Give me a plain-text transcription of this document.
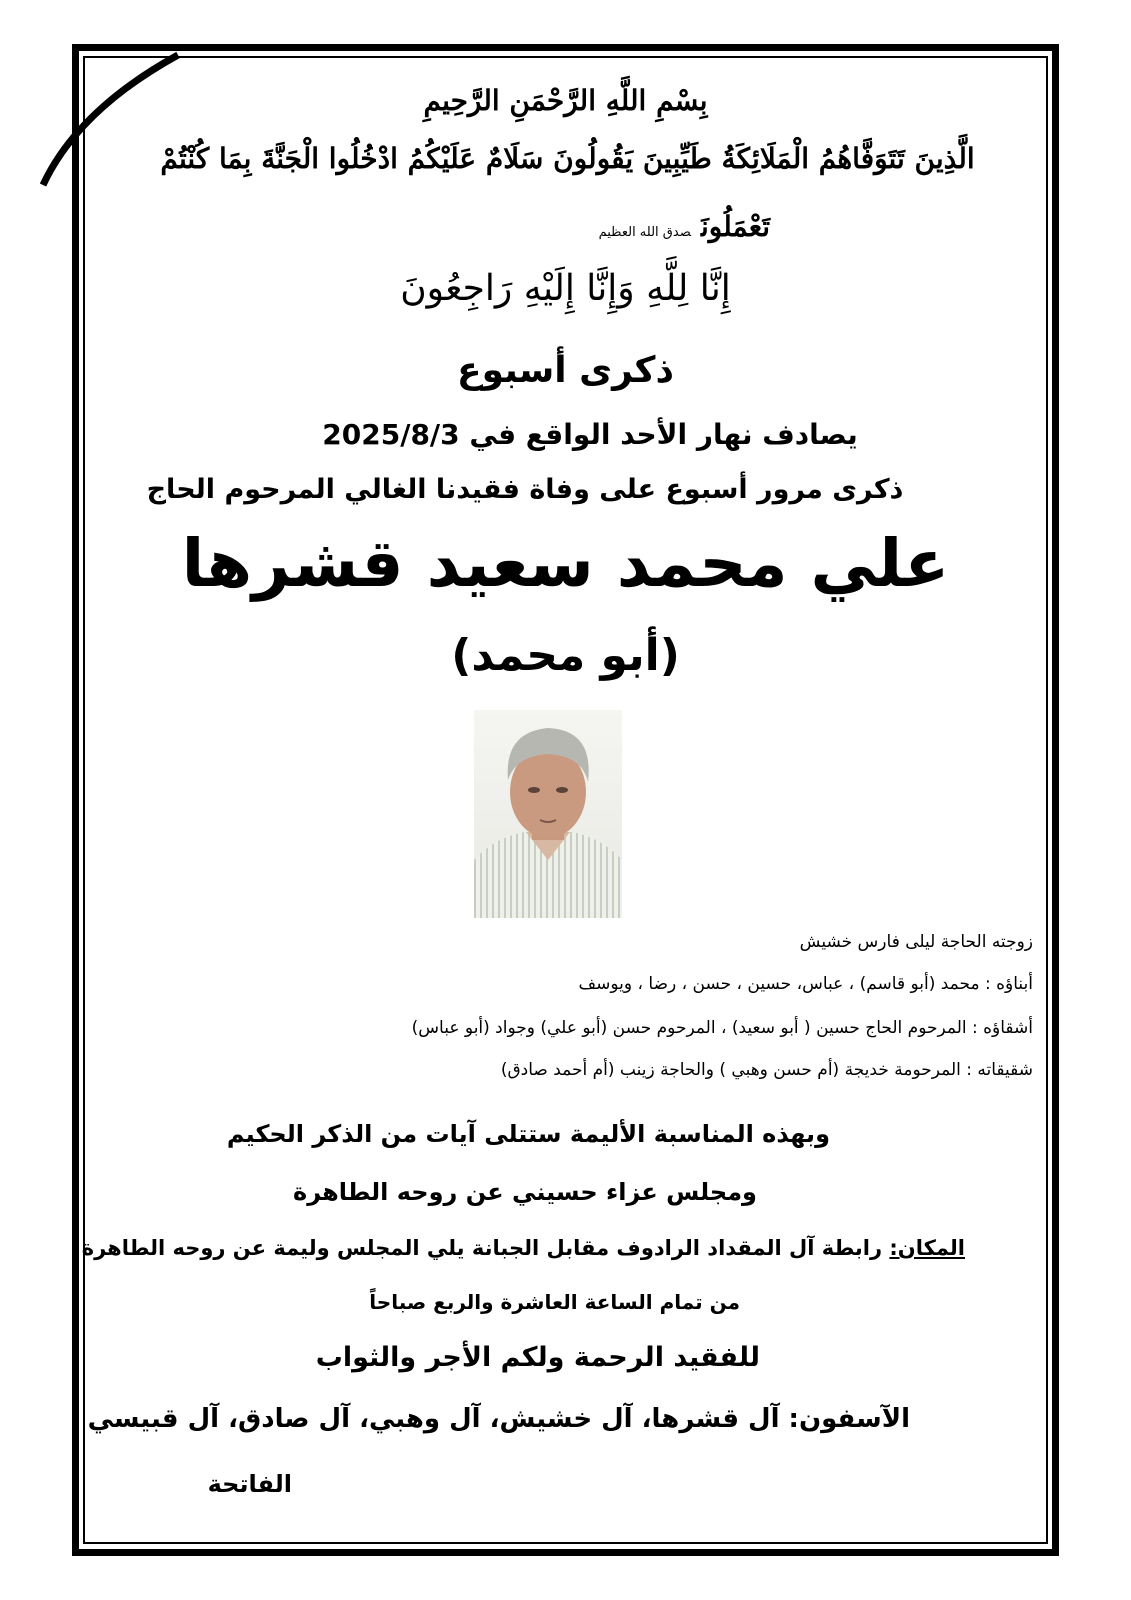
بِسْمِ اللَّهِ الرَّحْمَنِ الرَّحِيمِ
الَّذِينَ تَتَوَفَّاهُمُ الْمَلَائِكَةُ طَيِّبِينَ يَقُولُونَ سَلَامٌ عَلَيْكُمُ ادْخُلُوا الْجَنَّةَ بِمَا كُنْتُمْ
تَعْمَلُونَصدق الله العظيم
إِنَّا لِلَّهِ وَإِنَّا إِلَيْهِ رَاجِعُونَ
ذكرى أسبوع
يصادف نهار الأحد الواقع في 2025/8/3
ذكرى مرور أسبوع على وفاة فقيدنا الغالي المرحوم الحاج
علي محمد سعيد قشرها
(أبو محمد)
زوجته الحاجة ليلى فارس خشيش
أبناؤه : محمد (أبو قاسم) ، عباس، حسين ، حسن ، رضا ، ويوسف
أشقاؤه : المرحوم الحاج حسين ( أبو سعيد) ، المرحوم حسن (أبو علي) وجواد (أبو عباس)
شقيقاته : المرحومة خديجة (أم حسن وهبي ) والحاجة زينب (أم أحمد صادق)
وبهذه المناسبة الأليمة ستتلى آيات من الذكر الحكيم
ومجلس عزاء حسيني عن روحه الطاهرة
المكان: رابطة آل المقداد الرادوف مقابل الجبانة يلي المجلس وليمة عن روحه الطاهرة
من تمام الساعة العاشرة والربع صباحاً
للفقيد الرحمة ولكم الأجر والثواب
الآسفون: آل قشرها، آل خشيش، آل وهبي، آل صادق، آل قبيسي
الفاتحة
